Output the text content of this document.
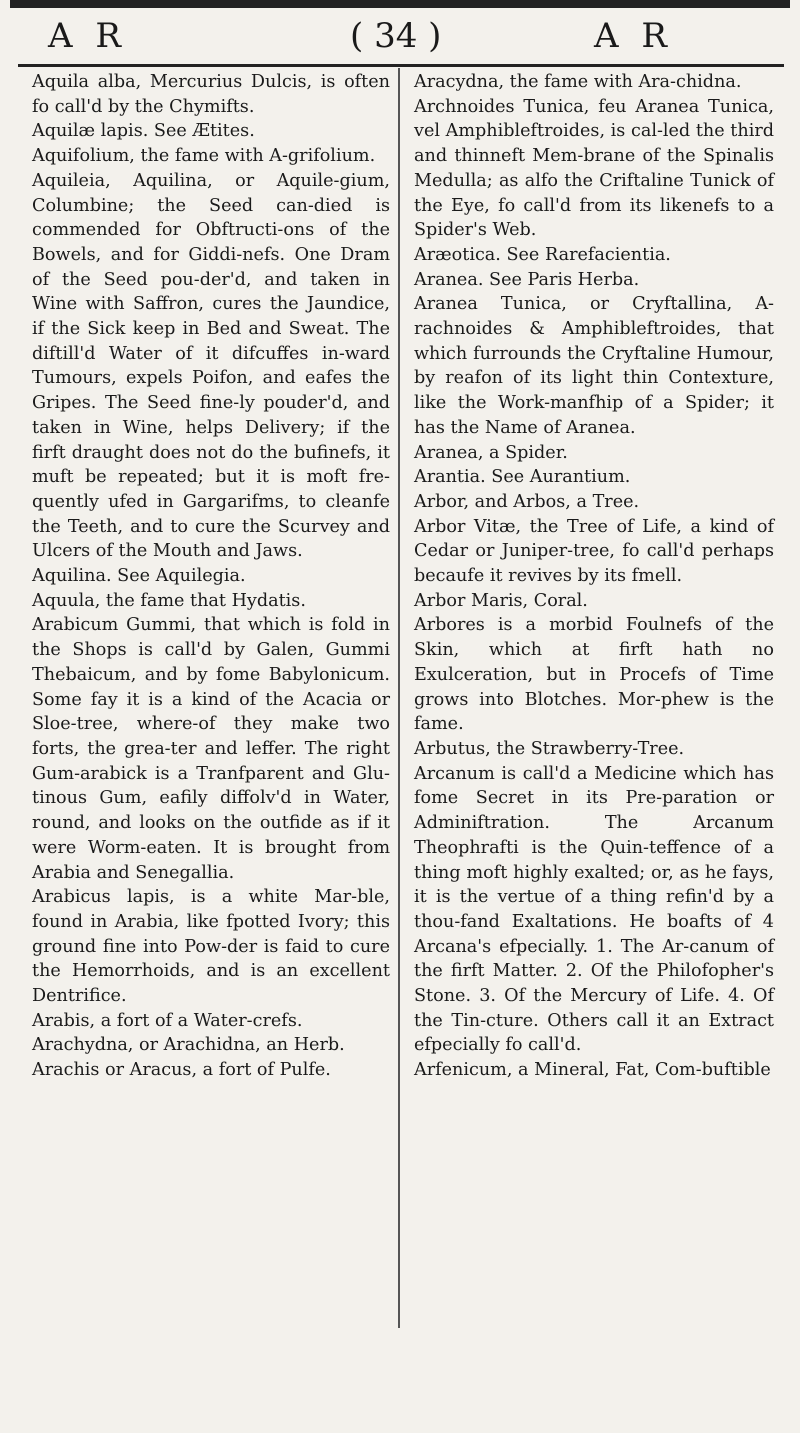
A R	( 34 )	A R

Aquila alba, Mercurius Dulcis, is often fo call'd by the Chymifts.

Aquilæ lapis. See Ætites.

Aquifolium, the fame with A-grifolium.

Aquileia, Aquilina, or Aquile-gium, Columbine; the Seed can-died is commended for Obftructi-ons of the Bowels, and for Giddi-nefs. One Dram of the Seed pou-der'd, and taken in Wine with Saffron, cures the Jaundice, if the Sick keep in Bed and Sweat. The diftill'd Water of it difcuffes in-ward Tumours, expels Poifon, and eafes the Gripes. The Seed fine-ly pouder'd, and taken in Wine, helps Delivery; if the firft draught does not do the bufinefs, it muft be repeated; but it is moft fre-quently ufed in Gargarifms, to cleanfe the Teeth, and to cure the Scurvey and Ulcers of the Mouth and Jaws.

Aquilina. See Aquilegia.

Aquula, the fame that Hydatis.

Arabicum Gummi, that which is fold in the Shops is call'd by Galen, Gummi Thebaicum, and by fome Babylonicum. Some fay it is a kind of the Acacia or Sloe-tree, where-of they make two forts, the grea-ter and leffer. The right Gum-arabick is a Tranfparent and Glu-tinous Gum, eafily diffolv'd in Water, round, and looks on the outfide as if it were Worm-eaten. It is brought from Arabia and Senegallia.

Arabicus lapis, is a white Mar-ble, found in Arabia, like fpotted Ivory; this ground fine into Pow-der is faid to cure the Hemorrhoids, and is an excellent Dentrifice.

Arabis, a fort of a Water-crefs.

Arachydna, or Arachidna, an Herb.

Arachis or Aracus, a fort of Pulfe.

Aracydna, the fame with Ara-chidna.

Archnoides Tunica, feu Aranea Tunica, vel Amphibleftroides, is cal-led the third and thinneft Mem-brane of the Spinalis Medulla; as alfo the Criftaline Tunick of the Eye, fo call'd from its likenefs to a Spider's Web.

Aræotica. See Rarefacientia.

Aranea. See Paris Herba.

Aranea Tunica, or Cryftallina, A-rachnoides & Amphibleftroides, that which furrounds the Cryftaline Humour, by reafon of its light thin Contexture, like the Work-manfhip of a Spider; it has the Name of Aranea.

Aranea, a Spider.

Arantia. See Aurantium.

Arbor, and Arbos, a Tree.

Arbor Vitæ, the Tree of Life, a kind of Cedar or Juniper-tree, fo call'd perhaps becaufe it revives by its fmell.

Arbor Maris, Coral.

Arbores is a morbid Foulnefs of the Skin, which at firft hath no Exulceration, but in Procefs of Time grows into Blotches. Mor-phew is the fame.

Arbutus, the Strawberry-Tree.

Arcanum is call'd a Medicine which has fome Secret in its Pre-paration or Adminiftration. The Arcanum Theophrafti is the Quin-teffence of a thing moft highly exalted; or, as he fays, it is the vertue of a thing refin'd by a thou-fand Exaltations. He boafts of 4 Arcana's efpecially. 1. The Ar-canum of the firft Matter. 2. Of the Philofopher's Stone. 3. Of the Mercury of Life. 4. Of the Tin-cture. Others call it an Extract efpecially fo call'd.

Arfenicum, a Mineral, Fat, Com-buftible
